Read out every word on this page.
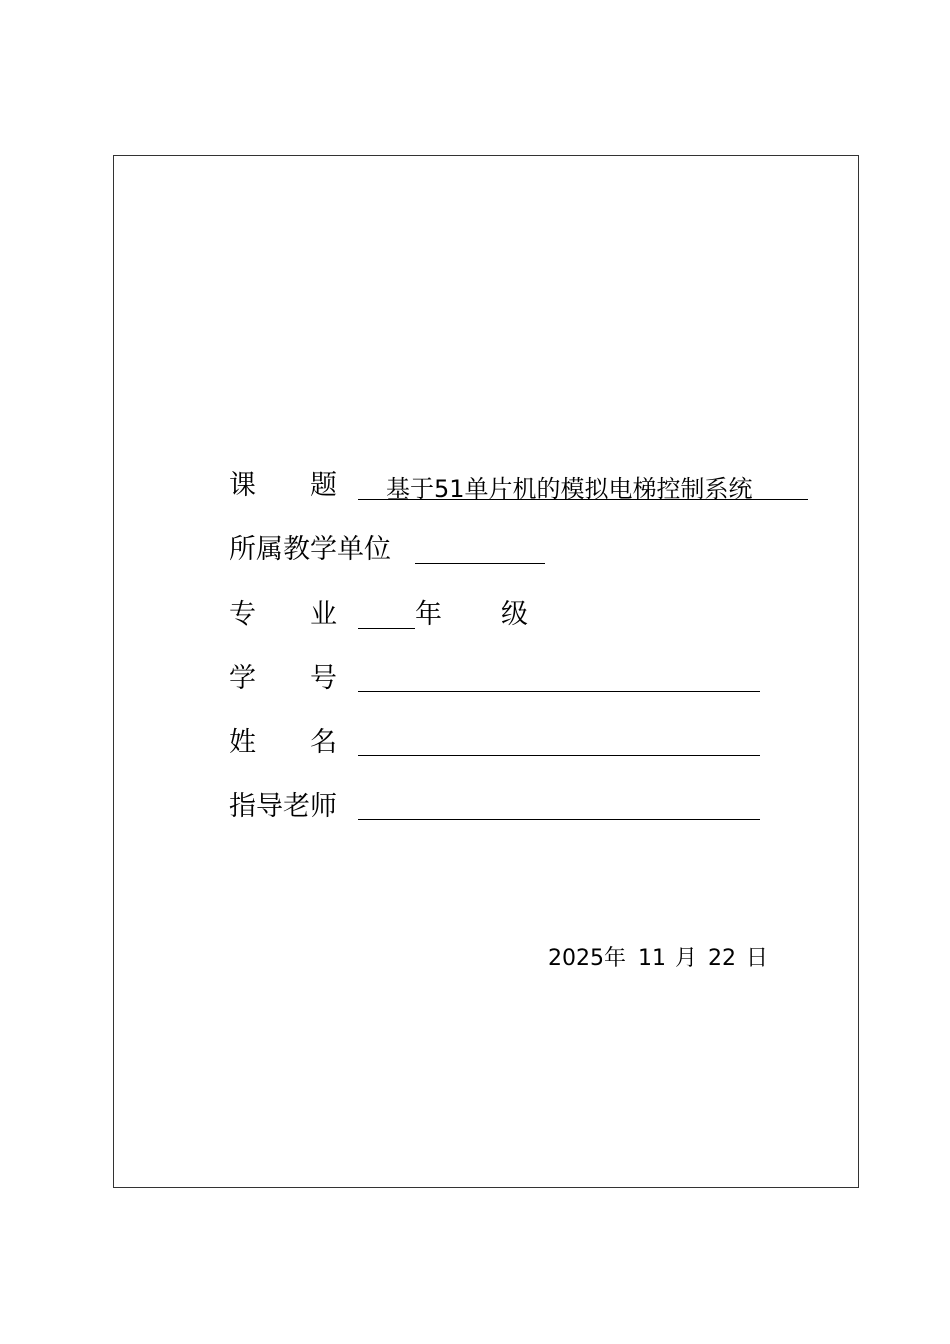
课　　题 基于51单片机的模拟电梯控制系统
所属教学单位
专　　业	年 级
学　　号
姓　　名
指导老师
2025 年 11 月 22 日
